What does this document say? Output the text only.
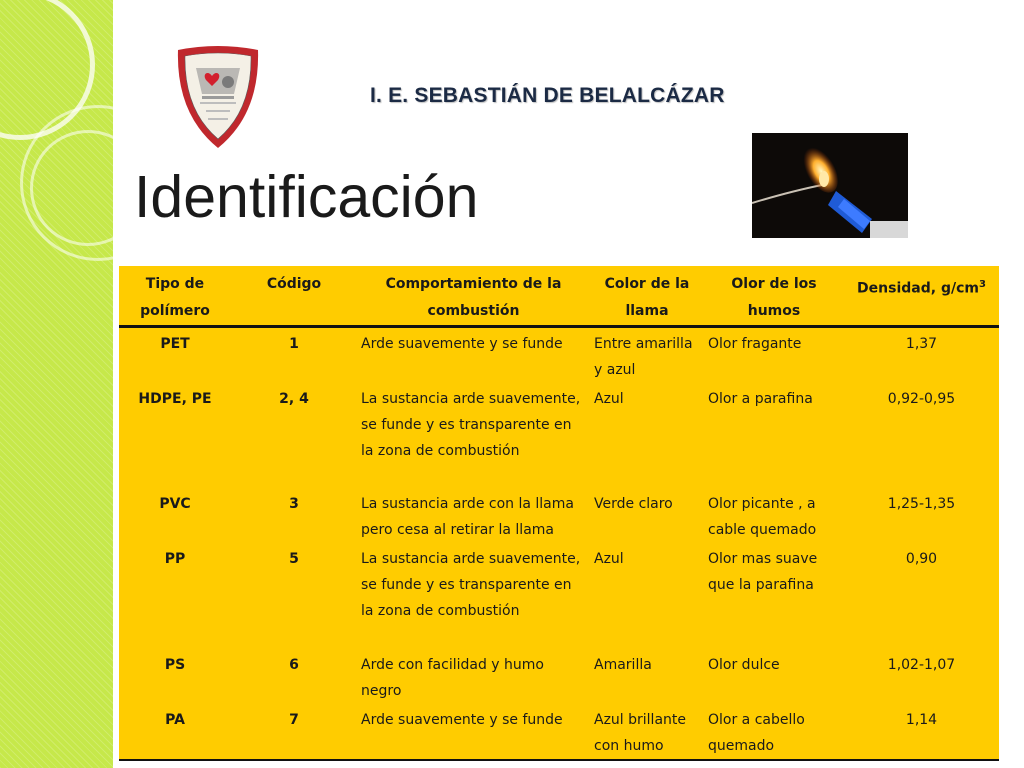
I. E. SEBASTIÁN DE BELALCÁZAR
Identificación
Tipo de polímero	Código	Comportamiento de la combustión	Color de la llama	Olor de los humos	Densidad, $g/cm^3$
PET	1	Arde suavemente y se funde	Entre amarilla y azul	Olor fragante	1,37
HDPE, PE	2, 4	La sustancia arde suavemente, se funde y es transparente en la zona de combustión	Azul	Olor a parafina	0,92-0,95
PVC	3	La sustancia arde con la llama pero cesa al retirar la llama	Verde claro	Olor picante , a cable quemado	1,25-1,35
PP	5	La sustancia arde suavemente, se funde y es transparente en la zona de combustión	Azul	Olor mas suave que la parafina	0,90
PS	6	Arde con facilidad y humo negro	Amarilla	Olor dulce	1,02-1,07
PA	7	Arde suavemente y se funde	Azul brillante con humo	Olor a cabello quemado	1,14
